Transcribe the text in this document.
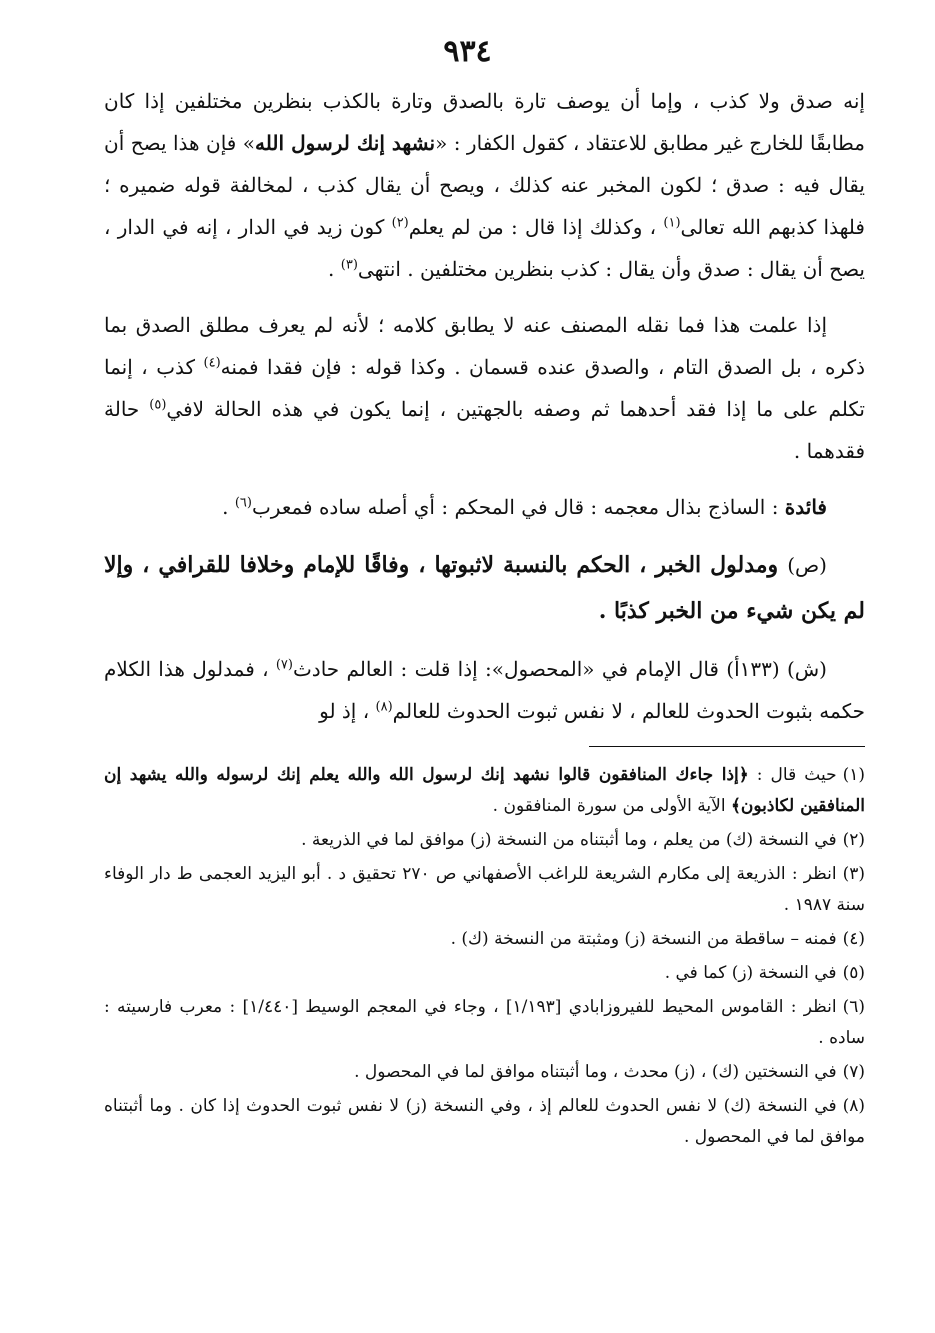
٩٣٤

إنه صدق ولا كذب ، وإما أن يوصف تارة بالصدق وتارة بالكذب بنظرين مختلفين إذا كان مطابقًا للخارج غير مطابق للاعتقاد ، كقول الكفار : «نشهد إنك لرسول الله» فإن هذا يصح أن يقال فيه : صدق ؛ لكون المخبر عنه كذلك ، ويصح أن يقال كذب ، لمخالفة قوله ضميره ؛ فلهذا كذبهم الله تعالى$^{(١)}$ ، وكذلك إذا قال : من لم يعلم$^{(٢)}$ كون زيد في الدار ، إنه في الدار ، يصح أن يقال : صدق وأن يقال : كذب بنظرين مختلفين . انتهى$^{(٣)}$ .

إذا علمت هذا فما نقله المصنف عنه لا يطابق كلامه ؛ لأنه لم يعرف مطلق الصدق بما ذكره ، بل الصدق التام ، والصدق عنده قسمان . وكذا قوله : فإن فقدا فمنه$^{(٤)}$ كذب ، إنما تكلم على ما إذا فقد أحدهما ثم وصفه بالجهتين ، إنما يكون في هذه الحالة لافي$^{(٥)}$ حالة فقدهما .

فائدة : الساذج بذال معجمه : قال في المحكم : أي أصله ساده فمعرب$^{(٦)}$ .

(ص) ومدلول الخبر ، الحكم بالنسبة لاثبوتها ، وفاقًا للإمام وخلافا للقرافي ، وإلا لم يكن شيء من الخبر كذبًا .

(ش) (١٣٣أ) قال الإمام في «المحصول»: إذا قلت : العالم حادث$^{(٧)}$ ، فمدلول هذا الكلام حكمه بثبوت الحدوث للعالم ، لا نفس ثبوت الحدوث للعالم$^{(٨)}$ ، إذ لو

(١)حيث قال : ﴿إذا جاءك المنافقون قالوا نشهد إنك لرسول الله والله يعلم إنك لرسوله والله يشهد إن المنافقين لكاذبون﴾ الآية الأولى من سورة المنافقون .

(٢)في النسخة (ك) من يعلم ، وما أثبتناه من النسخة (ز) موافق لما في الذريعة .

(٣)انظر : الذريعة إلى مكارم الشريعة للراغب الأصفهاني ص ٢٧٠ تحقيق د . أبو اليزيد العجمى ط دار الوفاء سنة ١٩٨٧ .

(٤)فمنه – ساقطة من النسخة (ز) ومثبتة من النسخة (ك) .

(٥)في النسخة (ز) كما في .

(٦)انظر : القاموس المحيط للفيروزابادي [١/١٩٣] ، وجاء في المعجم الوسيط [١/٤٤٠] : معرب فارسيته : ساده .

(٧)في النسختين (ك) ، (ز) محدث ، وما أثبتناه موافق لما في المحصول .

(٨)في النسخة (ك) لا نفس الحدوث للعالم إذ ، وفي النسخة (ز) لا نفس ثبوت الحدوث إذا كان . وما أثبتناه موافق لما في المحصول .
